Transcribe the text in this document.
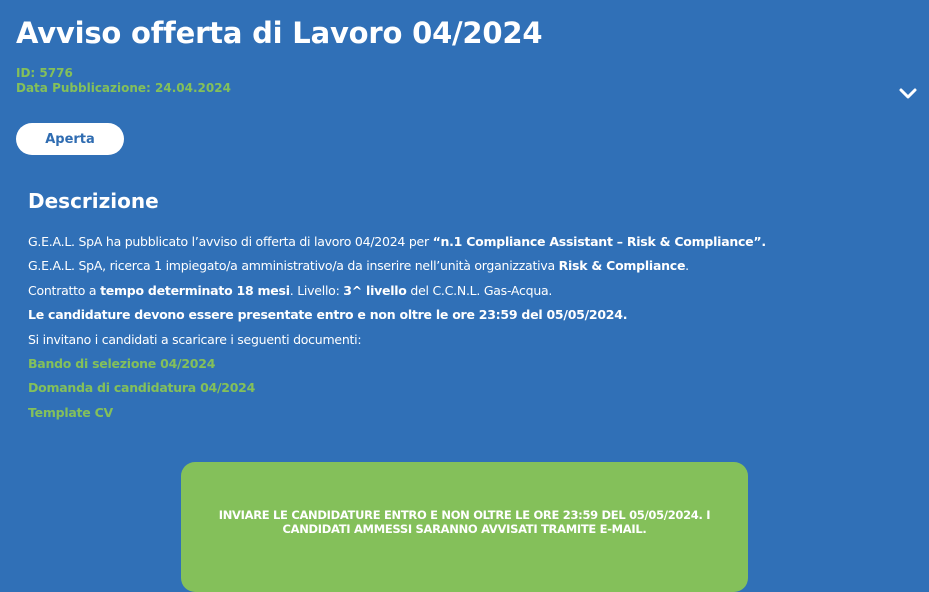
Avviso offerta di Lavoro 04/2024
ID: 5776
Data Pubblicazione: 24.04.2024
Aperta
Descrizione
G.E.A.L. SpA ha pubblicato l’avviso di offerta di lavoro 04/2024 per “n.1 Compliance Assistant – Risk & Compliance”.
G.E.A.L. SpA, ricerca 1 impiegato/a amministrativo/a da inserire nell’unità organizzativa Risk & Compliance.
Contratto a tempo determinato 18 mesi. Livello: 3^ livello del C.C.N.L. Gas-Acqua.
Le candidature devono essere presentate entro e non oltre le ore 23:59 del 05/05/2024.
Si invitano i candidati a scaricare i seguenti documenti:
Bando di selezione 04/2024
Domanda di candidatura 04/2024
Template CV
INVIARE LE CANDIDATURE ENTRO E NON OLTRE LE ORE 23:59 DEL 05/05/2024. I CANDIDATI AMMESSI SARANNO AVVISATI TRAMITE E-MAIL.
